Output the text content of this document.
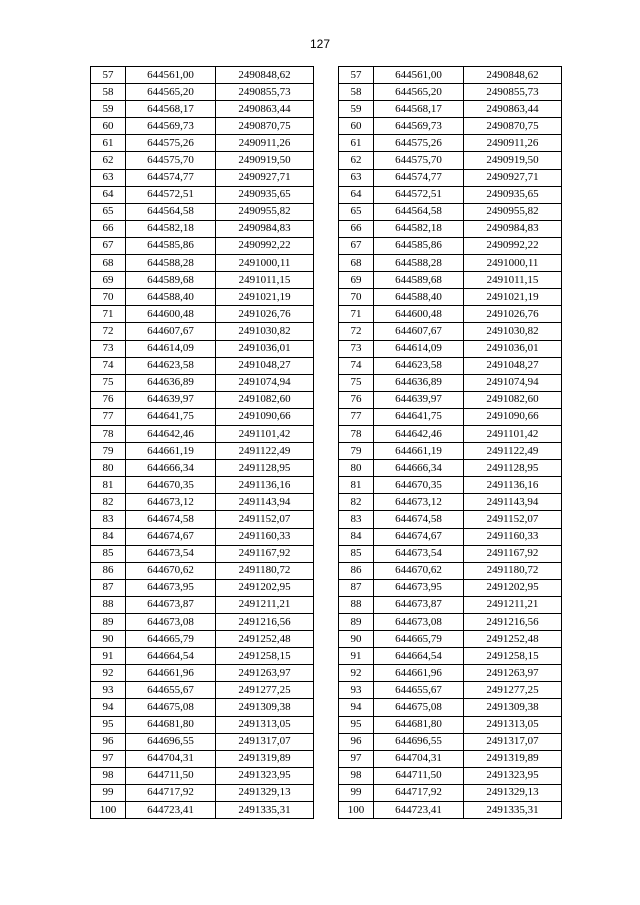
127
57	644561,00	2490848,62
58	644565,20	2490855,73
59	644568,17	2490863,44
60	644569,73	2490870,75
61	644575,26	2490911,26
62	644575,70	2490919,50
63	644574,77	2490927,71
64	644572,51	2490935,65
65	644564,58	2490955,82
66	644582,18	2490984,83
67	644585,86	2490992,22
68	644588,28	2491000,11
69	644589,68	2491011,15
70	644588,40	2491021,19
71	644600,48	2491026,76
72	644607,67	2491030,82
73	644614,09	2491036,01
74	644623,58	2491048,27
75	644636,89	2491074,94
76	644639,97	2491082,60
77	644641,75	2491090,66
78	644642,46	2491101,42
79	644661,19	2491122,49
80	644666,34	2491128,95
81	644670,35	2491136,16
82	644673,12	2491143,94
83	644674,58	2491152,07
84	644674,67	2491160,33
85	644673,54	2491167,92
86	644670,62	2491180,72
87	644673,95	2491202,95
88	644673,87	2491211,21
89	644673,08	2491216,56
90	644665,79	2491252,48
91	644664,54	2491258,15
92	644661,96	2491263,97
93	644655,67	2491277,25
94	644675,08	2491309,38
95	644681,80	2491313,05
96	644696,55	2491317,07
97	644704,31	2491319,89
98	644711,50	2491323,95
99	644717,92	2491329,13
100	644723,41	2491335,31
57	644561,00	2490848,62
58	644565,20	2490855,73
59	644568,17	2490863,44
60	644569,73	2490870,75
61	644575,26	2490911,26
62	644575,70	2490919,50
63	644574,77	2490927,71
64	644572,51	2490935,65
65	644564,58	2490955,82
66	644582,18	2490984,83
67	644585,86	2490992,22
68	644588,28	2491000,11
69	644589,68	2491011,15
70	644588,40	2491021,19
71	644600,48	2491026,76
72	644607,67	2491030,82
73	644614,09	2491036,01
74	644623,58	2491048,27
75	644636,89	2491074,94
76	644639,97	2491082,60
77	644641,75	2491090,66
78	644642,46	2491101,42
79	644661,19	2491122,49
80	644666,34	2491128,95
81	644670,35	2491136,16
82	644673,12	2491143,94
83	644674,58	2491152,07
84	644674,67	2491160,33
85	644673,54	2491167,92
86	644670,62	2491180,72
87	644673,95	2491202,95
88	644673,87	2491211,21
89	644673,08	2491216,56
90	644665,79	2491252,48
91	644664,54	2491258,15
92	644661,96	2491263,97
93	644655,67	2491277,25
94	644675,08	2491309,38
95	644681,80	2491313,05
96	644696,55	2491317,07
97	644704,31	2491319,89
98	644711,50	2491323,95
99	644717,92	2491329,13
100	644723,41	2491335,31
